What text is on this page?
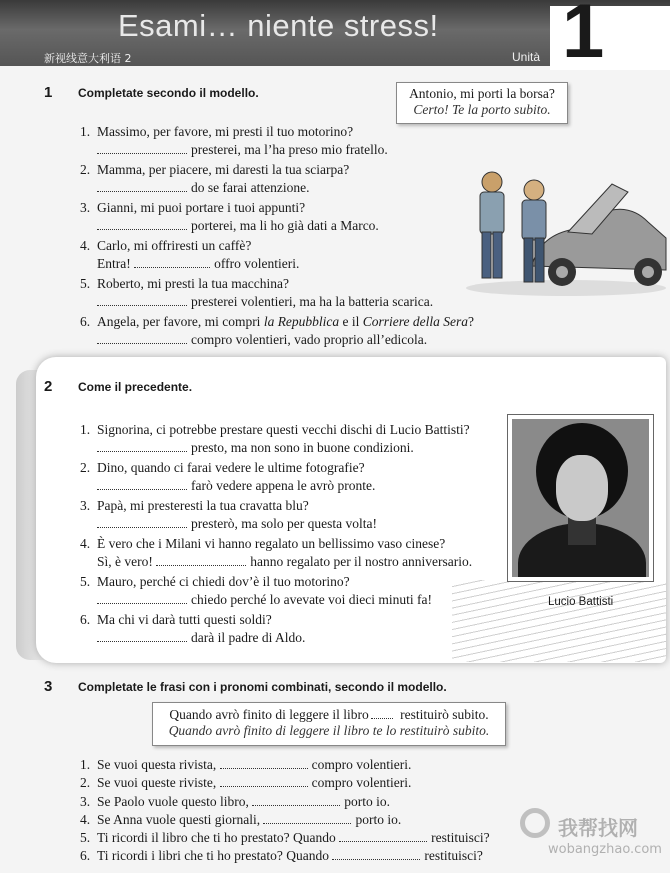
Esami… niente stress!
新视线意大利语 2	Unità 1
1 Completate secondo il modello.	Antonio, mi porti la borsa?
Certo! Te la porto subito.
1. Massimo, per favore, mi presti il tuo motorino?
presterei, ma l’ha preso mio fratello.
2. Mamma, per piacere, mi daresti la tua sciarpa?
do se farai attenzione.
3. Gianni, mi puoi portare i tuoi appunti?
porterei, ma li ho già dati a Marco.
4. Carlo, mi offriresti un caffè?
Entra!	offro volentieri.
5. Roberto, mi presti la tua macchina?
presterei volentieri, ma ha la batteria scarica.
6. Angela, per favore, mi compri la Repubblica e il Corriere della Sera?
compro volentieri, vado proprio all’edicola.
2 Come il precedente.
Lucio Battisti
1. Signorina, ci potrebbe prestare questi vecchi dischi di Lucio Battisti?
presto, ma non sono in buone condizioni.
2. Dino, quando ci farai vedere le ultime fotografie?
farò vedere appena le avrò pronte.
3. Papà, mi presteresti la tua cravatta blu?
presterò, ma solo per questa volta!
4. È vero che i Milani vi hanno regalato un bellissimo vaso cinese?
Sì, è vero!	hanno regalato per il nostro anniversario.
5. Mauro, perché ci chiedi dov’è il tuo motorino?
chiedo perché lo avevate voi dieci minuti fa!
6. Ma chi vi darà tutti questi soldi?
darà il padre di Aldo.
3 Completate le frasi con i pronomi combinati, secondo il modello.
Quando avrò finito di leggere il libro restituirò subito.
Quando avrò finito di leggere il libro te lo restituirò subito.
1. Se vuoi questa rivista,	compro volentieri.
2. Se vuoi queste riviste,	compro volentieri.
3. Se Paolo vuole questo libro,	porto io.
4. Se Anna vuole questi giornali,	porto io.
5. Ti ricordi il libro che ti ho prestato? Quando	restituisci?
6. Ti ricordi i libri che ti ho prestato? Quando	restituisci?
我帮找网
wobangzhao.com
